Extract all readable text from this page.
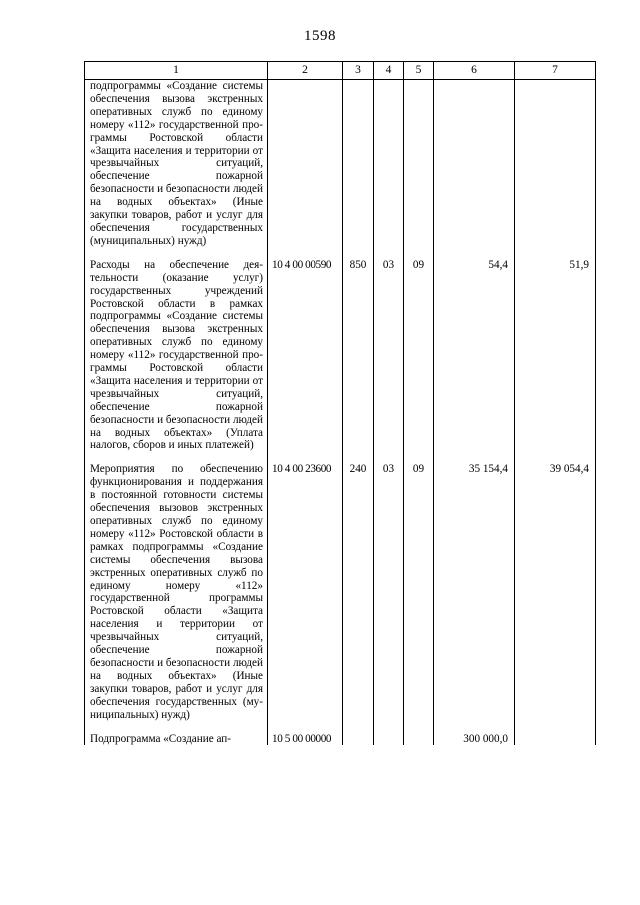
1598
1	2	3	4	5	6	7
подпрограммы «Создание системы обеспечения вызова экстренных оперативных служб по единому номеру «112» государственной программы Ростовской области «Защита населения и территории от чрезвычайных ситуаций, обеспечение пожарной безопасности и безопасности людей на водных объектах» (Иные закупки товаров, работ и услуг для обеспечения государственных (муниципальных) нужд)						

Расходы на обеспечение деятельности (оказание услуг) государственных учреждений Ростовской области в рамках подпрограммы «Создание системы обеспечения вызова экстренных оперативных служб по единому номеру «112» государственной программы Ростовской области «Защита населения и территории от чрезвычайных ситуаций, обеспечение пожарной безопасности и безопасности людей на водных объектах» (Уплата налогов, сборов и иных платежей)	10 4 00 00590	850	03	09	54,4	51,9

Мероприятия по обеспечению функционирования и поддержания в постоянной готовности системы обеспечения вызовов экстренных оперативных служб по единому номеру «112» Ростовской области в рамках подпрограммы «Создание системы обеспечения вызова экстренных оперативных служб по единому номеру «112» государственной программы Ростовской области «Защита населения и территории от чрезвычайных ситуаций, обеспечение пожарной безопасности и безопасности людей на водных объектах» (Иные закупки товаров, работ и услуг для обеспечения государственных (муниципальных) нужд)	10 4 00 23600	240	03	09	35 154,4	39 054,4

Подпрограмма «Создание ап-	10 5 00 00000				300 000,0	
